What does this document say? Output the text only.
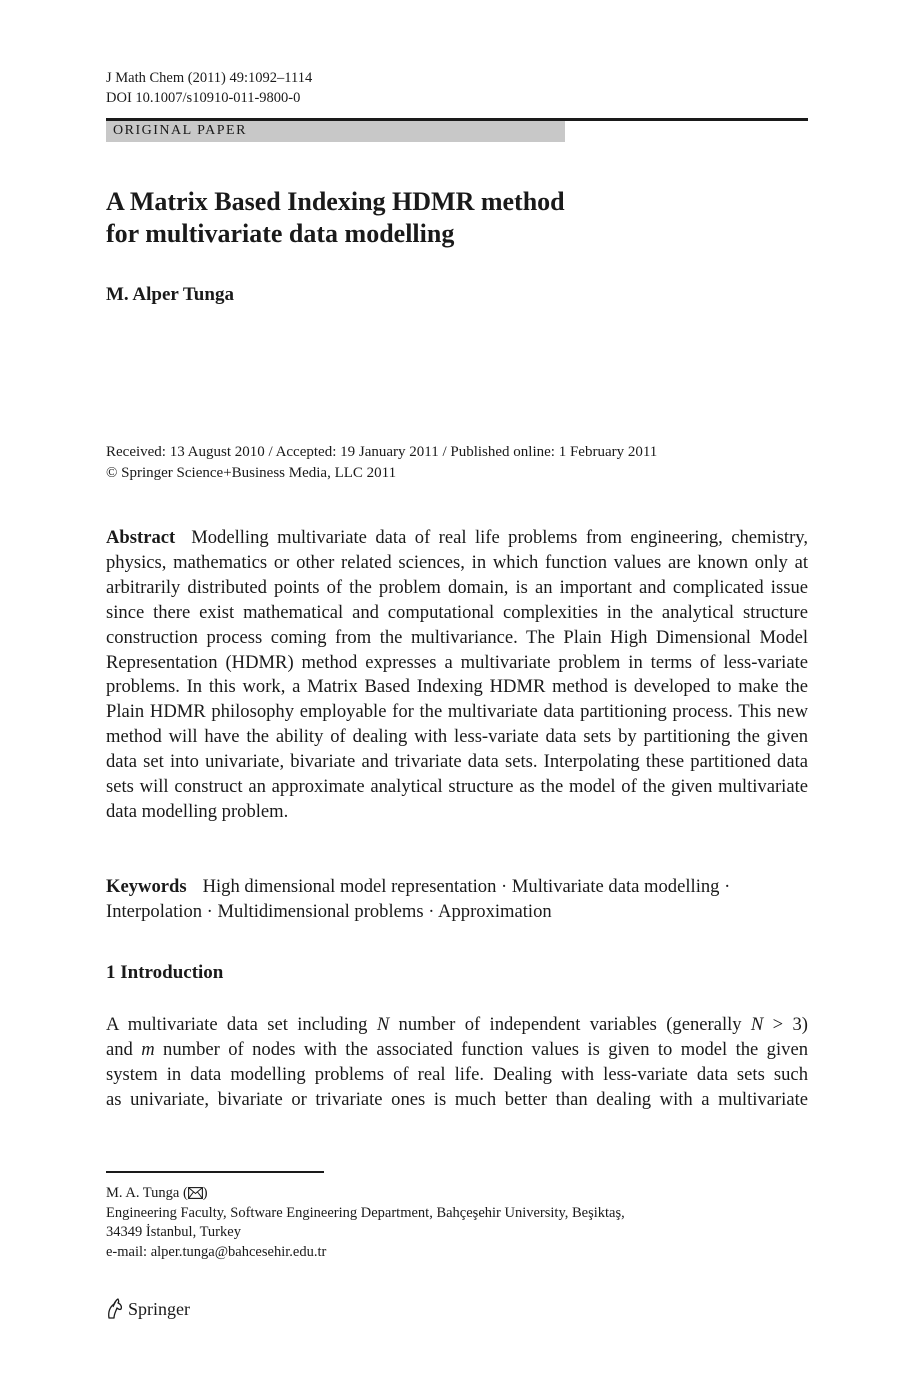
J Math Chem (2011) 49:1092–1114
DOI 10.1007/s10910-011-9800-0
ORIGINAL PAPER
A Matrix Based Indexing HDMR method
for multivariate data modelling
M. Alper Tunga
Received: 13 August 2010 / Accepted: 19 January 2011 / Published online: 1 February 2011
© Springer Science+Business Media, LLC 2011

Abstract Modelling multivariate data of real life problems from engineering, chemistry, physics, mathematics or other related sciences, in which function values are known only at arbitrarily distributed points of the problem domain, is an important and complicated issue since there exist mathematical and computational complexities in the analytical structure construction process coming from the multivariance. The Plain High Dimensional Model Representation (HDMR) method expresses a multivariate problem in terms of less-variate problems. In this work, a Matrix Based Indexing HDMR method is developed to make the Plain HDMR philosophy employable for the multivariate data partitioning process. This new method will have the ability of dealing with less-variate data sets by partitioning the given data set into univariate, bivariate and trivariate data sets. Interpolating these partitioned data sets will construct an approximate analytical structure as the model of the given multivariate data modelling problem.

Keywords High dimensional model representation · Multivariate data modelling ·
Interpolation · Multidimensional problems · Approximation

1 Introduction

A multivariate data set including N number of independent variables (generally N > 3)
and m number of nodes with the associated function values is given to model the given
system in data modelling problems of real life. Dealing with less-variate data sets such
as univariate, bivariate or trivariate ones is much better than dealing with a multivariate

M. A. Tunga ( )
Engineering Faculty, Software Engineering Department, Bahçeşehir University, Beşiktaş,
34349 İstanbul, Turkey
e-mail: alper.tunga@bahcesehir.edu.tr
Springer
